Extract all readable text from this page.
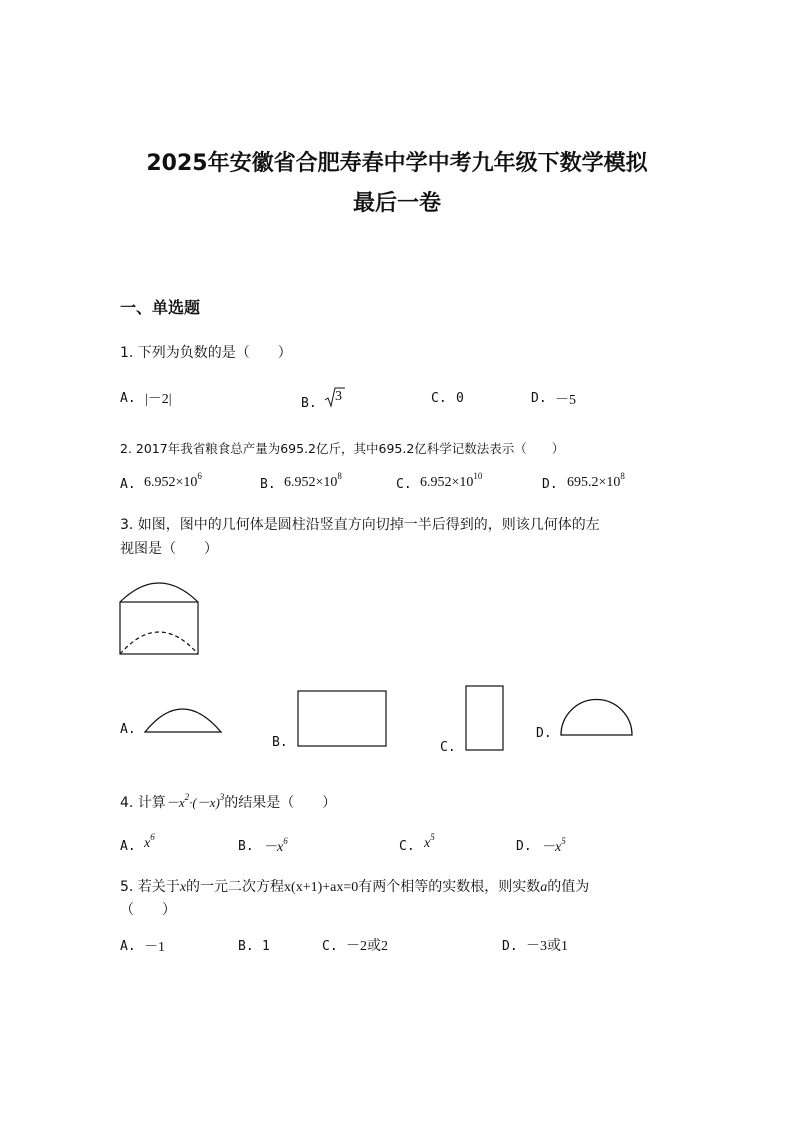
2025年安徽省合肥寿春中学中考九年级下数学模拟
最后一卷
一、单选题
1. 下列为负数的是（　　）
A. |－2|	B. 3	C. 0	D. －5
2. 2017年我省粮食总产量为695.2亿斤，其中695.2亿科学记数法表示（　　）
A. $6.952\times 10^6$
B. $6.952\times 10^8$
C. $6.952\times 10^{10}$
D. $695.2\times 10^8$
3. 如图，图中的几何体是圆柱沿竖直方向切掉一半后得到的，则该几何体的左
视图是（　　）
A.
B.	C.
D.
4. 计算$-x^2\cdot(-x)^3$的结果是（　　）
A. $x^6$
B. $-x^6$	C. $x^5$
D. $-x^5$
5. 若关于x的一元二次方程x(x+1)+ax=0有两个相等的实数根，则实数a的值为
（　　）
A. －1	B. 1	C. －2或2	D. －3或1
